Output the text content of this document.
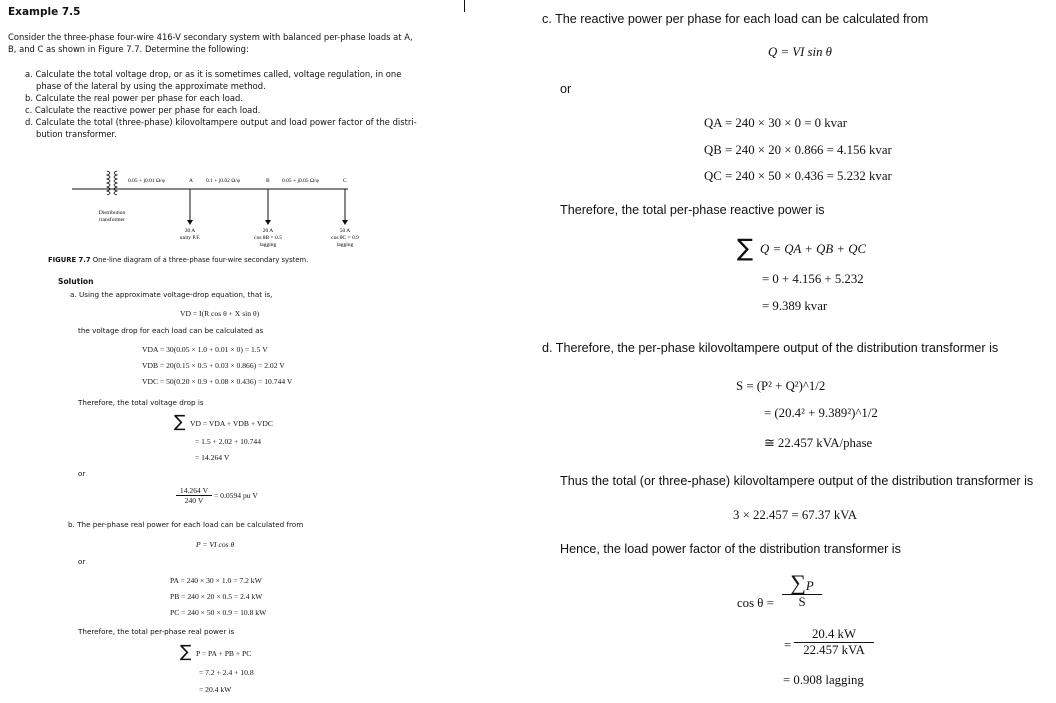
Example 7.5
Consider the three-phase four-wire 416-V secondary system with balanced per-phase loads at A,
B, and C as shown in Figure 7.7. Determine the following:
a. Calculate the total voltage drop, or as it is sometimes called, voltage regulation, in one
phase of the lateral by using the approximate method.
b. Calculate the real power per phase for each load.
c. Calculate the reactive power per phase for each load.
d. Calculate the total (three-phase) kilovoltampere output and load power factor of the distri-
bution transformer.
0.05 + j0.01 Ω/φ	A 0.1 + j0.02 Ω/φ	B 0.05 + j0.05 Ω/φ	C
Distribution
transformer
30 A
unity P.F.
20 A
cos θB = 0.5
lagging
50 A
cos θC = 0.9
lagging
FIGURE 7.7 One-line diagram of a three-phase four-wire secondary system.
Solution
a. Using the approximate voltage-drop equation, that is,
VD = I(R cos θ + X sin θ)
the voltage drop for each load can be calculated as
VDA = 30(0.05 × 1.0 + 0.01 × 0) = 1.5 V
VDB = 20(0.15 × 0.5 + 0.03 × 0.866) = 2.02 V
VDC = 50(0.20 × 0.9 + 0.08 × 0.436) = 10.744 V
Therefore, the total voltage drop is
∑ VD = VDA + VDB + VDC
= 1.5 + 2.02 + 10.744
= 14.264 V
or
$\frac{14.264 V}{240 V} = 0.0594$ pu V
b. The per-phase real power for each load can be calculated from
P = VI cos θ
or
PA = 240 × 30 × 1.0 = 7.2 kW
PB = 240 × 20 × 0.5 = 2.4 kW
PC = 240 × 50 × 0.9 = 10.8 kW
Therefore, the total per-phase real power is
∑ P = PA + PB + PC
= 7.2 + 2.4 + 10.8
= 20.4 kW
c. The reactive power per phase for each load can be calculated from
Q = VI sin θ
or
QA = 240 × 30 × 0 = 0 kvar
QB = 240 × 20 × 0.866 = 4.156 kvar
QC = 240 × 50 × 0.436 = 5.232 kvar
Therefore, the total per-phase reactive power is
∑ Q = QA + QB + QC
= 0 + 4.156 + 5.232
= 9.389 kvar
d. Therefore, the per-phase kilovoltampere output of the distribution transformer is
S = (P² + Q²)^1/2
= (20.4² + 9.389²)^1/2
≅ 22.457 kVA/phase
Thus the total (or three-phase) kilovoltampere output of the distribution transformer is
3 × 22.457 = 67.37 kVA
Hence, the load power factor of the distribution transformer is
$\cos \theta = \frac{\sum P}{S}$
=
20.4 kW
22.457 kVA
= 0.908 lagging
